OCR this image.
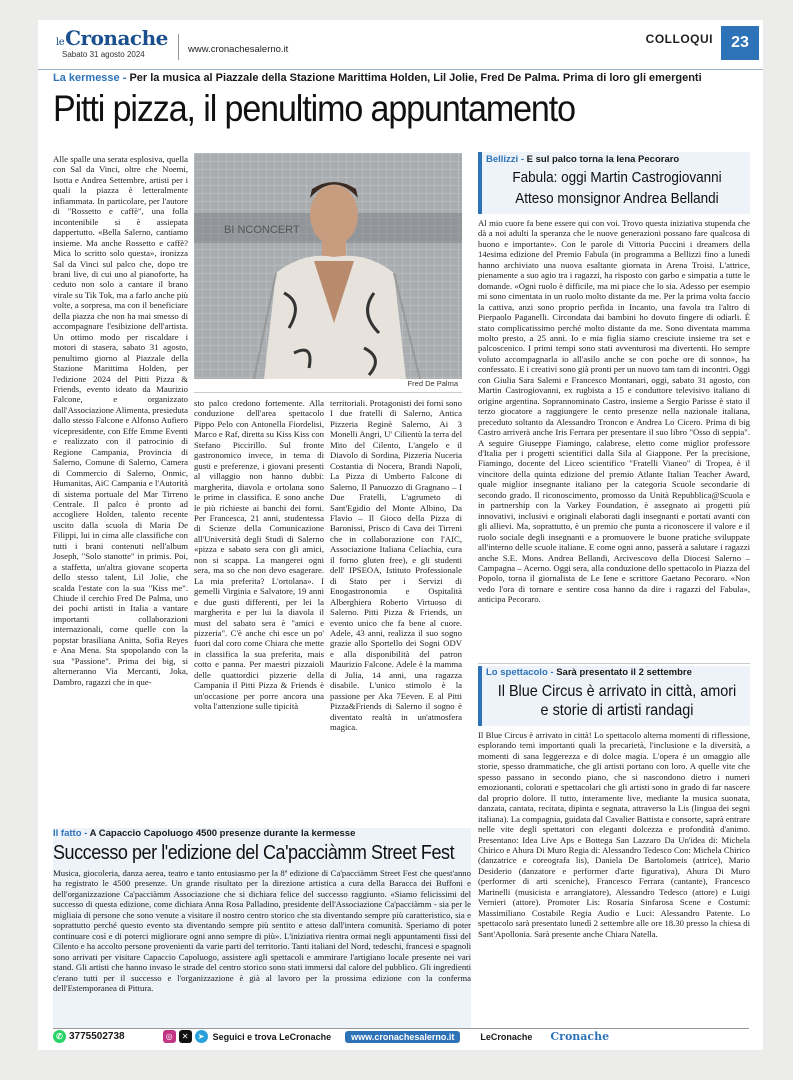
leCronache
Sabato 31 agosto 2024	www.cronachesalerno.it
COLLOQUI	23
La kermesse - Per la musica al Piazzale della Stazione Marittima Holden, Lil Jolie, Fred De Palma. Prima di loro gli emergenti
Pitti pizza, il penultimo appuntamento
Alle spalle una serata esplosiva, quella con Sal da Vinci, oltre che Noemi, Isotta e Andrea Settembre, artisti per i quali la piazza è letteralmente infiammata. In particolare, per l'autore di "Rossetto e caffè", una folla incontenibile si è assiepata dappertutto. «Bella Salerno, cantiamo insieme. Ma anche Rossetto e caffè? Mica lo scritto solo questa», ironizza Sal da Vinci sul palco che, dopo tre brani live, di cui uno al pianoforte, ha ceduto non solo a cantare il brano virale su Tik Tok, ma a farlo anche più volte, a sorpresa, ma con il beneficiare della piazza che non ha mai smesso di accompagnare l'esibizione dell'artista. Un ottimo modo per riscaldare i motori di stasera, sabato 31 agosto, penultimo giorno al Piazzale della Stazione Marittima Holden, per l'edizione 2024 del Pitti Pizza & Friends, evento ideato da Maurizio Falcone, e organizzato dall'Associazione Alimenta, presieduta dallo stesso Falcone e Alfonso Aufiero vicepresidente, con Effe Emme Eventi e realizzato con il patrocinio di Regione Campania, Provincia di Salerno, Comune di Salerno, Camera di Commercio di Salerno, Onmic, Humanitas, AiC Campania e l'Autorità di sistema portuale del Mar Tirreno Centrale. Il palco è pronto ad accogliere Holden, talento recente uscito dalla scuola di Maria De Filippi, lui in cima alle classifiche con tutti i brani contenuti nell'album Joseph, "Solo stanotte" in primis. Poi, a staffetta, un'altra giovane scoperta dello stesso talent, Lil Jolie, che scalda l'estate con la sua "Kiss me". Chiude il cerchio Fred De Palma, uno dei pochi artisti in Italia a vantare importanti collaborazioni internazionali, come quelle con la popstar brasiliana Anitta, Sofia Reyes e Ana Mena. Sta spopolando con la sua "Passione". Prima dei big, si alterneranno Via Mercanti, Joka, Dambro, ragazzi che in que-
BI NCONCERT
Fred De Palma
sto palco credono fortemente. Alla conduzione dell'area spettacolo Pippo Pelo con Antonella Fiordelisi, Marco e Raf, diretta su Kiss Kiss con Stefano Piccirillo. Sul fronte gastronomico invece, in tema di gusti e preferenze, i giovani presenti al villaggio non hanno dubbi: margherita, diavola e ortolana sono le prime in classifica. E sono anche le più richieste ai banchi dei forni. Per Francesca, 21 anni, studentessa di Scienze della Comunicazione all'Università degli Studi di Salerno «pizza e sabato sera con gli amici, non si scappa. La mangerei ogni sera, ma so che non devo esagerare. La mia preferita? L'ortolana». I gemelli Virginia e Salvatore, 19 anni e due gusti differenti, per lei la margherita e per lui la diavola il must del sabato sera è "amici e pizzeria". C'è anche chi esce un po' fuori dal coro come Chiara che mette in classifica la sua preferita, mais cotto e panna. Per maestri pizzaioli delle quattordici pizzerie della Campania il Pitti Pizza & Friends è un'occasione per porre ancora una volta l'attenzione sulle tipicità
territoriali. Protagonisti dei forni sono I due fratelli di Salerno, Antica Pizzeria Reginè Salerno, Ai 3 Monelli Angri, U' Cilientù la terra del Mito del Cilento, L'angelo e il Diavolo di Sordina, Pizzeria Nuceria Costantia di Nocera, Brandi Napoli, La Pizza di Umberto Falcone di Salerno, Il Panuozzo di Gragnano – I Due Fratelli, L'agrumeto di Sant'Egidio del Monte Albino, Da Flavio – Il Gioco della Pizza di Baronissi, Prisco di Cava dei Tirreni che in collaborazione con l'AIC, Associazione Italiana Celiachia, cura il forno gluten free), e gli studenti dell' IPSEOA, Istituto Professionale di Stato per i Servizi di Enogastronomia e Ospitalità Alberghiera Roberto Virtuoso di Salerno. Pitti Pizza & Friends, un evento unico che fa bene al cuore. Adele, 43 anni, realizza il suo sogno grazie allo Sportello dei Sogni ODV e alla disponibilità del patron Maurizio Falcone. Adele è la mamma di Julia, 14 anni, una ragazza disabile. L'unico stimolo è la passione per Aka 7Eeven. E al Pitti Pizza&Friends di Salerno il sogno è diventato realtà in un'atmosfera magica.
Bellizzi - E sul palco torna la Iena Pecoraro
Fabula: oggi Martin Castrogiovanni
Atteso monsignor Andrea Bellandi
Al mio cuore fa bene essere qui con voi. Trovo questa iniziativa stupenda che dà a noi adulti la speranza che le nuove generazioni possano fare qualcosa di buono e importante». Con le parole di Vittoria Puccini i dreamers della 14esima edizione del Premio Fabula (in programma a Bellizzi fino a lunedì hanno archiviato una nuova esaltante giornata in Arena Troisi. L'attrice, pienamente a suo agio tra i ragazzi, ha risposto con garbo e simpatia a tutte le domande. «Ogni ruolo è difficile, ma mi piace che lo sia. Adesso per esempio mi sono cimentata in un ruolo molto distante da me. Per la prima volta faccio la cattiva, anzi sono proprio perfida in Incanto, una favola tra l'altro di Pierpaolo Paganelli. Circondata dai bambini ho dovuto fingere di odiarli. È stato complicatissimo perché molto distante da me. Sono diventata mamma molto presto, a 25 anni. Io e mia figlia siamo cresciute insieme tra set e palcoscenico. I primi tempi sono stati avventurosi ma divertenti. Ho sempre voluto accompagnarla io all'asilo anche se con poche ore di sonno», ha confessato. E i creativi sono già pronti per un nuovo tam tam di incontri. Oggi con Giulia Sara Salemi e Francesco Montanari, oggi, sabato 31 agosto, con Martin Castrogiovanni, ex rugbista a 15 e conduttore televisivo italiano di origine argentina. Soprannominato Castro, insieme a Sergio Parisse è stato il terzo giocatore a raggiungere le cento presenze nella nazionale italiana, preceduto soltanto da Alessandro Troncon e Andrea Lo Cicero. Prima di big Castro arriverà anche Iris Ferrara per presentare il suo libro "Osso di seppia". A seguire Giuseppe Fiamingo, calabrese, eletto come miglior professore d'Italia per i progetti scientifici dalla Sila al Giappone. Per la precisione, Fiamingo, docente del Liceo scientifico "Fratelli Vianeo" di Tropea, è il vincitore della quinta edizione del premio Atlante Italian Teacher Award, quale miglior insegnante italiano per la categoria Scuole secondarie di secondo grado. Il riconoscimento, promosso da Unità Repubblica@Scuola e in partnership con la Varkey Foundation, è assegnato ai progetti più innovativi, inclusivi e originali elaborati dagli insegnanti e portati avanti con gli allievi. Ma, soprattutto, è un premio che punta a riconoscere il valore e il ruolo sociale degli insegnanti e a promuovere le buone pratiche sviluppate all'interno delle scuole italiane. E come ogni anno, passerà a salutare i ragazzi anche S.E. Mons. Andrea Bellandi, Arcivescovo della Diocesi Salerno – Campagna – Acerno. Oggi sera, alla conduzione dello spettacolo in Piazza del Popolo, torna il giornalista de Le Iene e scrittore Gaetano Pecoraro. «Non vedo l'ora di tornare e sentire cosa hanno da dire i ragazzi del Fabula», anticipa Pecoraro.
Lo spettacolo - Sarà presentato il 2 settembre
Il Blue Circus è arrivato in città, amori
e storie di artisti randagi
Il Blue Circus è arrivato in città! Lo spettacolo alterna momenti di riflessione, esplorando temi importanti quali la precarietà, l'inclusione e la diversità, a momenti di sana leggerezza e di dolce magia. L'opera è un omaggio alle storie, spesso drammatiche, che gli artisti portano con loro. A quelle vite che spesso passano in secondo piano, che si nascondono dietro i numeri emozionanti, colorati e spettacolari che gli artisti sono in grado di far nascere dal proprio dolore. Il tutto, interamente live, mediante la musica suonata, danzata, cantata, recitata, dipinta e segnata, attraverso la Lis (lingua dei segni italiana). La compagnia, guidata dal Cavalier Battista e consorte, saprà entrare nelle vite degli spettatori con eleganti dolcezza e profondità d'animo. Presentano: Idea Live Aps e Bottega San Lazzaro Da Un'idea di: Michela Chirico e Ahura Di Muro Regia di: Alessandro Tedesco Con: Michela Chirico (danzatrice e coreografa lis), Daniela De Bartolomeis (attrice), Mario Desiderio (danzatore e performer d'arte figurativa), Ahura Di Muro (performer di arti sceniche), Francesco Ferrara (cantante), Francesco Marinelli (musicista e arrangiatore), Alessandro Tedesco (attore) e Luigi Vernieri (attore). Promoter Lis: Rosaria Sinfarosa Scene e Costumi: Massimiliano Costabile Regia Audio e Luci: Alessandro Patente. Lo spettacolo sarà presentato lunedì 2 settembre alle ore 18.30 presso la chiesa di Sant'Apollonia. Sarà presente anche Chiara Natella.
Il fatto - A Capaccio Capoluogo 4500 presenze durante la kermesse
Successo per l'edizione del Ca'pacciàmm Street Fest
Musica, giocoleria, danza aerea, teatro e tanto entusiasmo per la 8ª edizione di Ca'pacciàmm Street Fest che quest'anno ha registrato le 4500 presenze. Un grande risultato per la direzione artistica a cura della Baracca dei Buffoni e dell'organizzazione Ca'pacciàmm Associazione che si dichiara felice del successo raggiunto. «Siamo felicissimi del successo di questa edizione, come dichiara Anna Rosa Palladino, presidente dell'Associazione Ca'pacciàmm - sia per le migliaia di persone che sono venute a visitare il nostro centro storico che sta diventando sempre più caratteristico, sia e soprattutto perché questo evento sta diventando sempre più sentito e atteso dall'intera comunità. Speriamo di poter continuare così e di poterci migliorare ogni anno sempre di più». L'iniziativa rientra ormai negli appuntamenti fissi del Cilento e ha accolto persone provenienti da varie parti del territorio. Tanti italiani del Nord, tedeschi, francesi e spagnoli sono arrivati per visitare Capaccio Capoluogo, assistere agli spettacoli e ammirare l'artigiano locale presente nei vari stand. Gli artisti che hanno invaso le strade del centro storico sono stati immersi dal calore del pubblico. Gli ingredienti c'erano tutti per il successo e l'organizzazione è già al lavoro per la prossima edizione con la conferma dell'Estemporanea di Pittura.
✆ 3775502738	◎	✕	➤ Seguici e trova LeCronache	www.cronachesalerno.it	LeCronache Cronache
